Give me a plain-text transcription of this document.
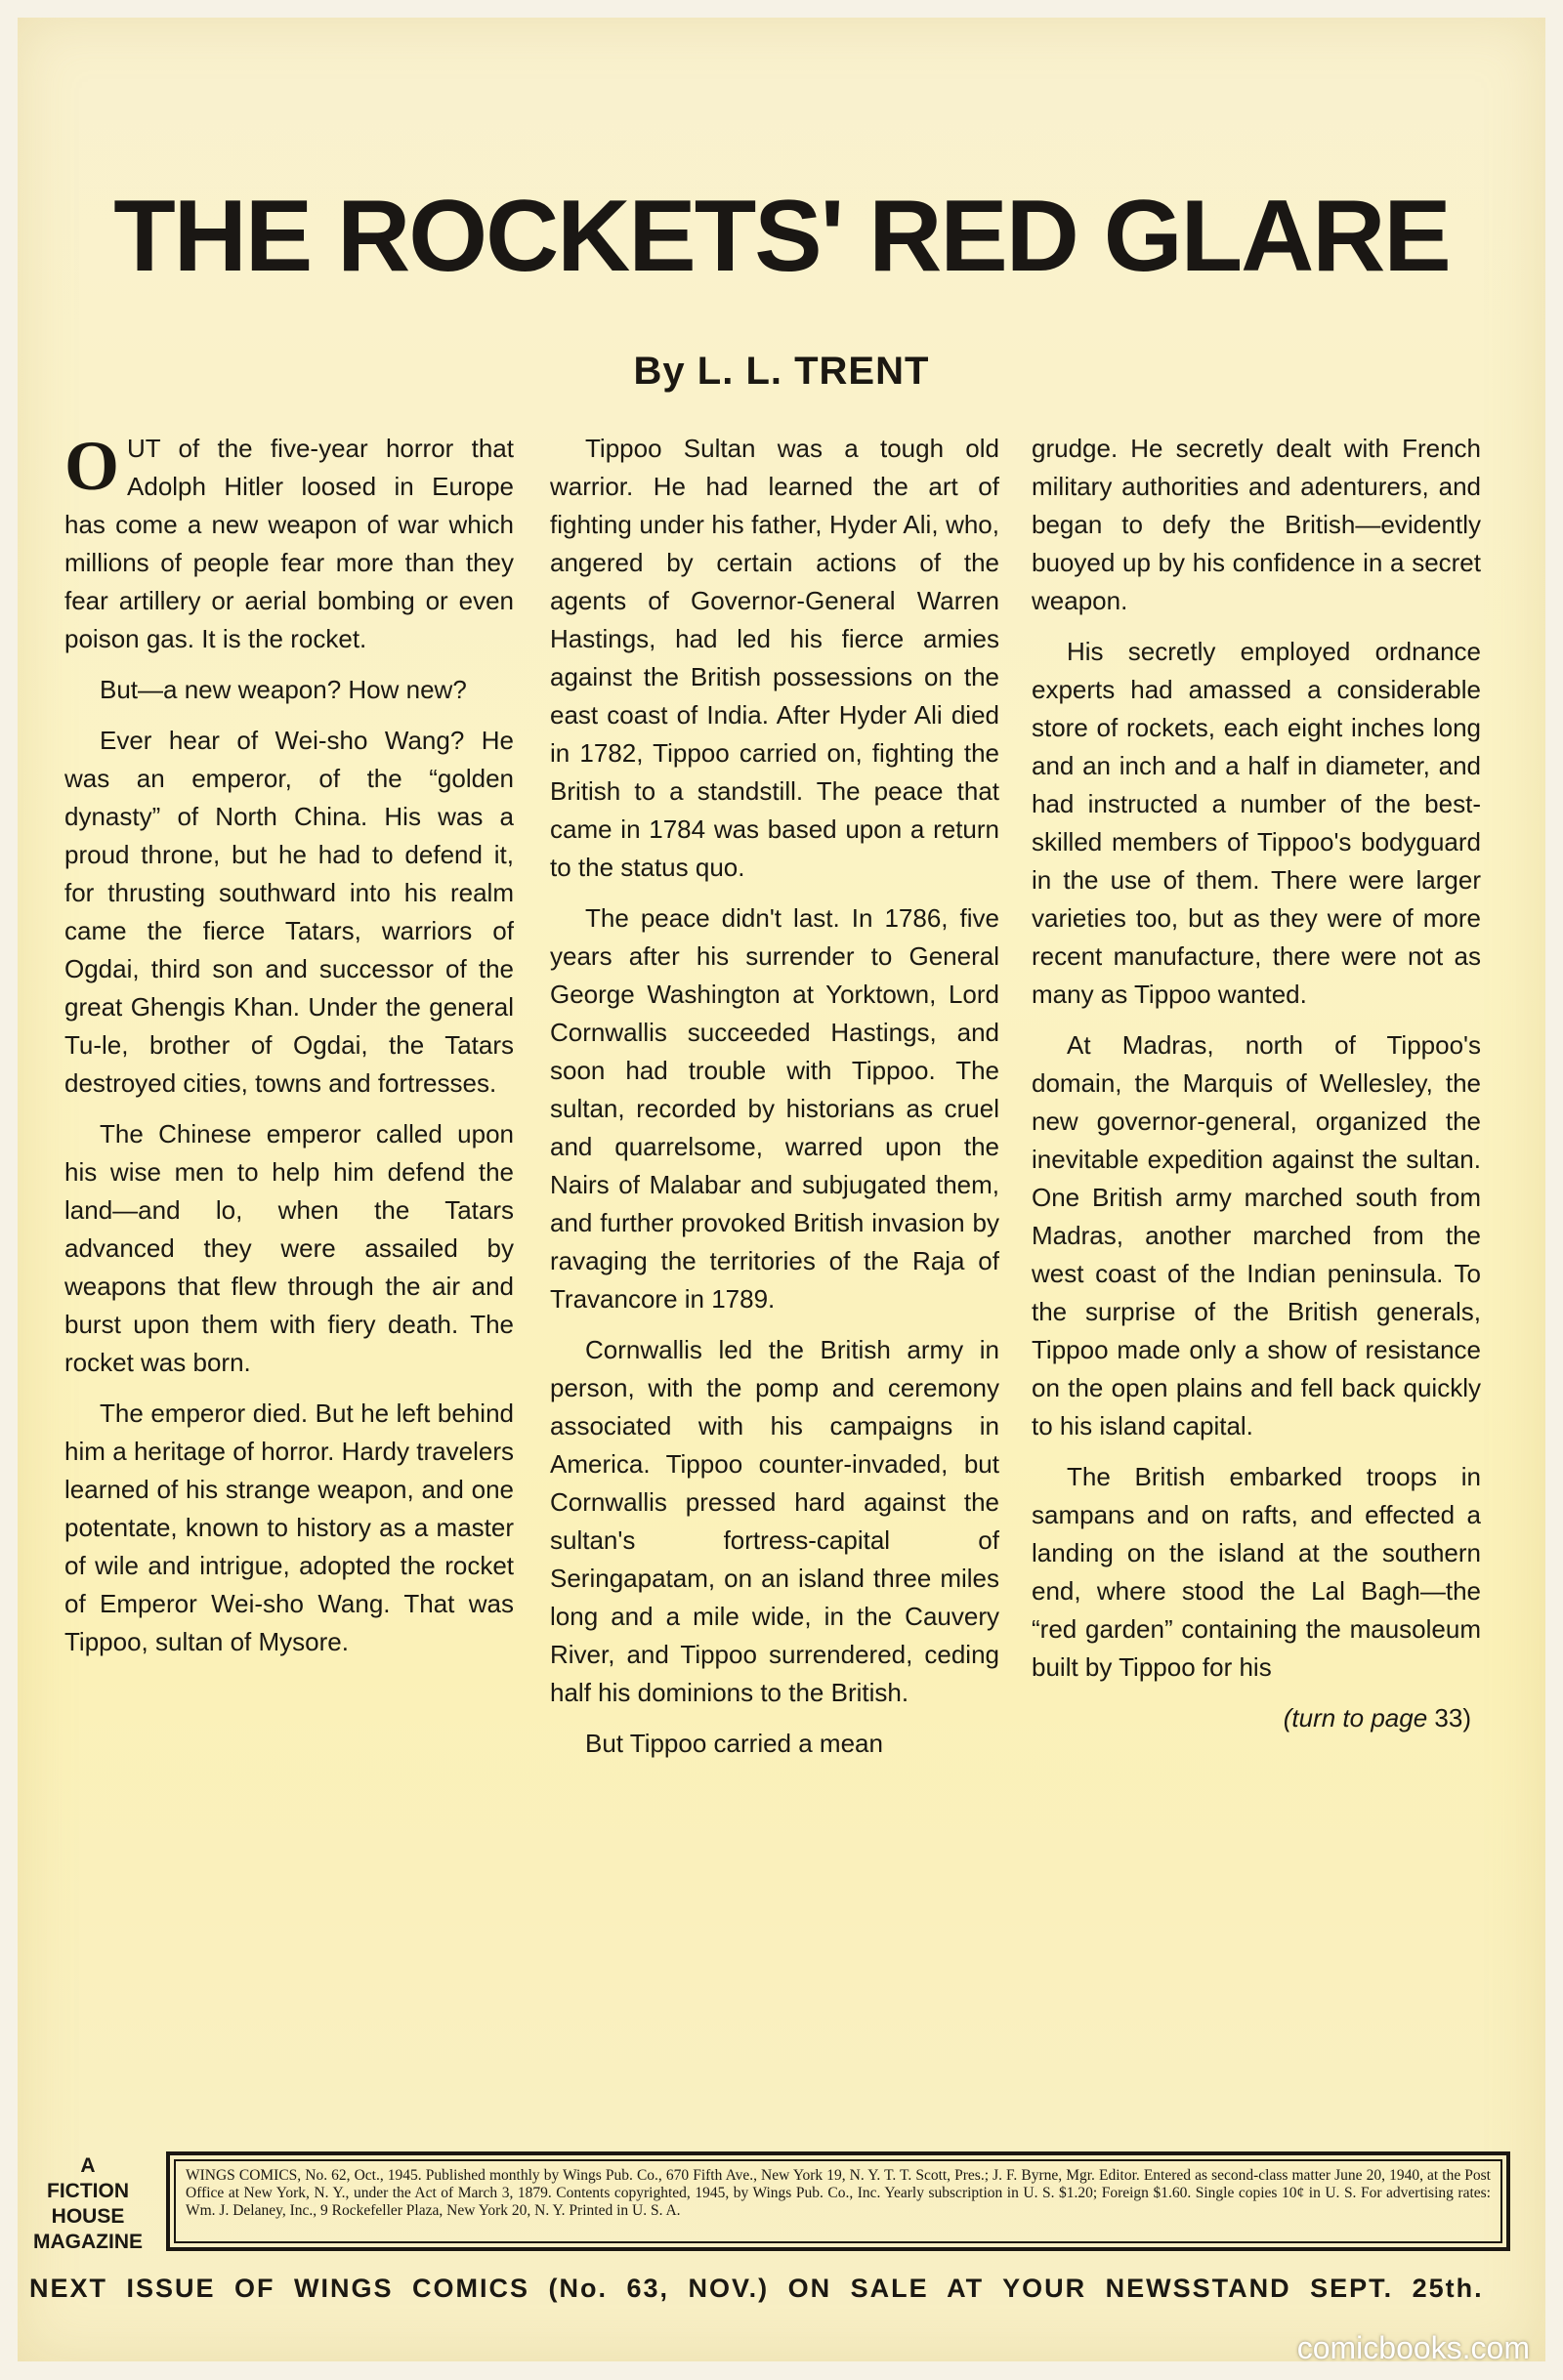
THE ROCKETS' RED GLARE
By L. L. TRENT

OUT of the five-year horror that Adolph Hitler loosed in Europe has come a new weapon of war which millions of people fear more than they fear artillery or aerial bombing or even poison gas. It is the rocket.

But—a new weapon? How new?

Ever hear of Wei-sho Wang? He was an emperor, of the “golden dynasty” of North China. His was a proud throne, but he had to defend it, for thrusting southward into his realm came the fierce Tatars, warriors of Ogdai, third son and successor of the great Ghengis Khan. Under the general Tu-le, brother of Ogdai, the Tatars destroyed cities, towns and fortresses.

The Chinese emperor called upon his wise men to help him defend the land—and lo, when the Tatars advanced they were assailed by weapons that flew through the air and burst upon them with fiery death. The rocket was born.

The emperor died. But he left behind him a heritage of horror. Hardy travelers learned of his strange weapon, and one potentate, known to history as a master of wile and intrigue, adopted the rocket of Emperor Wei-sho Wang. That was Tippoo, sultan of Mysore.

Tippoo Sultan was a tough old warrior. He had learned the art of fighting under his father, Hyder Ali, who, angered by certain actions of the agents of Governor-General Warren Hastings, had led his fierce armies against the British possessions on the east coast of India. After Hyder Ali died in 1782, Tippoo carried on, fighting the British to a standstill. The peace that came in 1784 was based upon a return to the status quo.

The peace didn't last. In 1786, five years after his surrender to General George Washington at Yorktown, Lord Cornwallis succeeded Hastings, and soon had trouble with Tippoo. The sultan, recorded by historians as cruel and quarrelsome, warred upon the Nairs of Malabar and subjugated them, and further provoked British invasion by ravaging the territories of the Raja of Travancore in 1789.

Cornwallis led the British army in person, with the pomp and ceremony associated with his campaigns in America. Tippoo counter-invaded, but Cornwallis pressed hard against the sultan's fortress-capital of Seringapatam, on an island three miles long and a mile wide, in the Cauvery River, and Tippoo surrendered, ceding half his dominions to the British.

But Tippoo carried a mean

grudge. He secretly dealt with French military authorities and adenturers, and began to defy the British—evidently buoyed up by his confidence in a secret weapon.

His secretly employed ordnance experts had amassed a considerable store of rockets, each eight inches long and an inch and a half in diameter, and had instructed a number of the best-skilled members of Tippoo's bodyguard in the use of them. There were larger varieties too, but as they were of more recent manufacture, there were not as many as Tippoo wanted.

At Madras, north of Tippoo's domain, the Marquis of Wellesley, the new governor-general, organized the inevitable expedition against the sultan. One British army marched south from Madras, another marched from the west coast of the Indian peninsula. To the surprise of the British generals, Tippoo made only a show of resistance on the open plains and fell back quickly to his island capital.

The British embarked troops in sampans and on rafts, and effected a landing on the island at the southern end, where stood the Lal Bagh—the “red garden” containing the mausoleum built by Tippoo for his

(turn to page 33)
A
FICTION
HOUSE
MAGAZINE
WINGS COMICS, No. 62, Oct., 1945. Published monthly by Wings Pub. Co., 670 Fifth Ave., New York 19, N. Y. T. T. Scott, Pres.; J. F. Byrne, Mgr. Editor. Entered as second-class matter June 20, 1940, at the Post Office at New York, N. Y., under the Act of March 3, 1879. Contents copyrighted, 1945, by Wings Pub. Co., Inc. Yearly subscription in U. S. $1.20; Foreign $1.60. Single copies 10¢ in U. S. For advertising rates: Wm. J. Delaney, Inc., 9 Rockefeller Plaza, New York 20, N. Y. Printed in U. S. A.
NEXT ISSUE OF WINGS COMICS (No. 63, NOV.) ON SALE AT YOUR NEWSSTAND SEPT. 25th.
comicbooks.com
